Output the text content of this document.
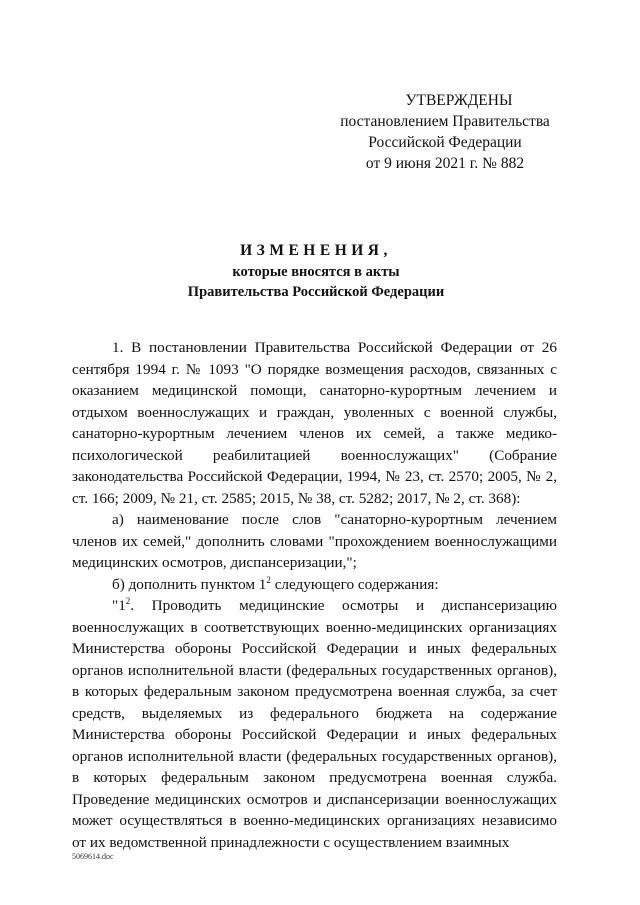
УТВЕРЖДЕНЫ
постановлением Правительства
Российской Федерации
от 9 июня 2021 г. № 882
ИЗМЕНЕНИЯ,
которые вносятся в акты
Правительства Российской Федерации

1. В постановлении Правительства Российской Федерации от 26 сентября 1994 г. № 1093 "О порядке возмещения расходов, связанных с оказанием медицинской помощи, санаторно-курортным лечением и отдыхом военнослужащих и граждан, уволенных с военной службы, санаторно-курортным лечением членов их семей, а также медико-психологической реабилитацией военнослужащих" (Собрание законодательства Российской Федерации, 1994, № 23, ст. 2570; 2005, № 2, ст. 166; 2009, № 21, ст. 2585; 2015, № 38, ст. 5282; 2017, № 2, ст. 368):

а) наименование после слов "санаторно-курортным лечением членов их семей," дополнить словами "прохождением военнослужащими медицинских осмотров, диспансеризации,";

б) дополнить пунктом $1^2$ следующего содержания:

"$1^2$. Проводить медицинские осмотры и диспансеризацию военнослужащих в соответствующих военно-медицинских организациях Министерства обороны Российской Федерации и иных федеральных органов исполнительной власти (федеральных государственных органов), в которых федеральным законом предусмотрена военная служба, за счет средств, выделяемых из федерального бюджета на содержание Министерства обороны Российской Федерации и иных федеральных органов исполнительной власти (федеральных государственных органов), в которых федеральным законом предусмотрена военная служба. Проведение медицинских осмотров и диспансеризации военнослужащих может осуществляться в военно-медицинских организациях независимо от их ведомственной принадлежности с осуществлением взаимных

5069614.doc
